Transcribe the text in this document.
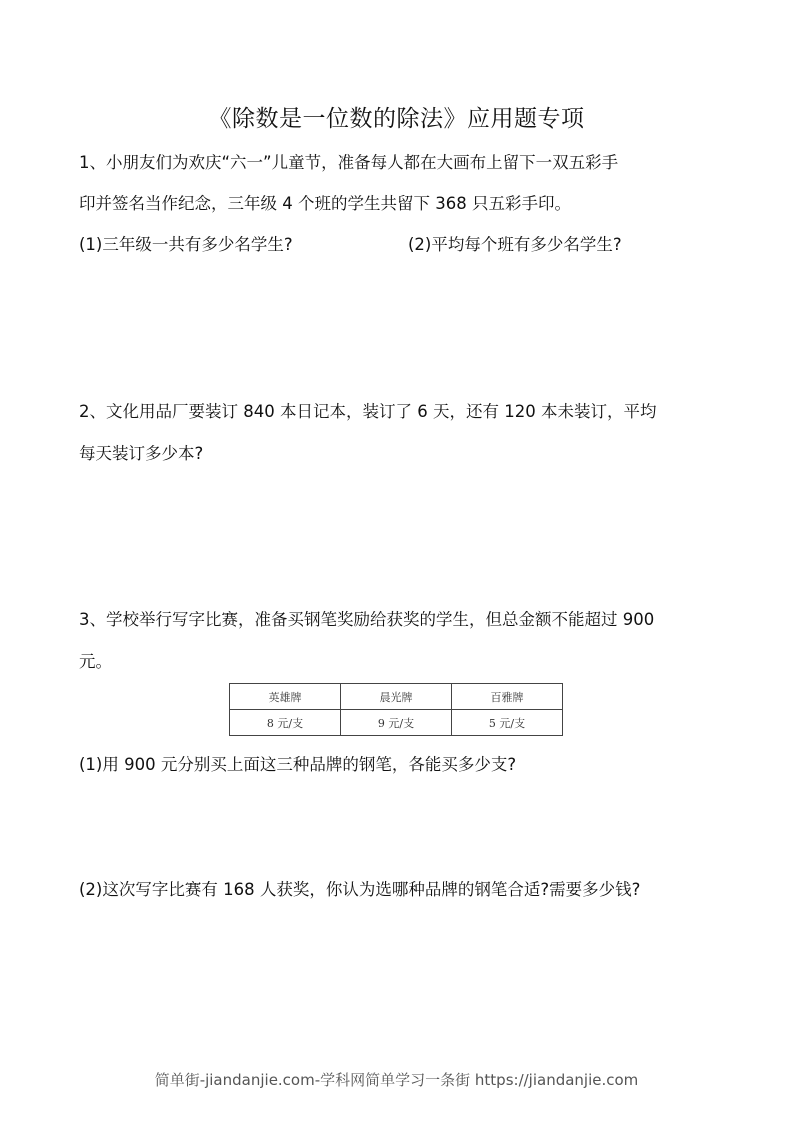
《除数是一位数的除法》应用题专项
1、小朋友们为欢庆“六一”儿童节，准备每人都在大画布上留下一双五彩手
印并签名当作纪念，三年级 4 个班的学生共留下 368 只五彩手印。
(1)三年级一共有多少名学生?	(2)平均每个班有多少名学生?
2、文化用品厂要装订 840 本日记本，装订了 6 天，还有 120 本未装订，平均
每天装订多少本?
3、学校举行写字比赛，准备买钢笔奖励给获奖的学生，但总金额不能超过 900
元。
英雄牌	晨光牌	百雅牌
8 元/支	9 元/支	5 元/支
(1)用 900 元分别买上面这三种品牌的钢笔，各能买多少支?
(2)这次写字比赛有 168 人获奖，你认为选哪种品牌的钢笔合适?需要多少钱?
简单街-jiandanjie.com-学科网简单学习一条街 https://jiandanjie.com
